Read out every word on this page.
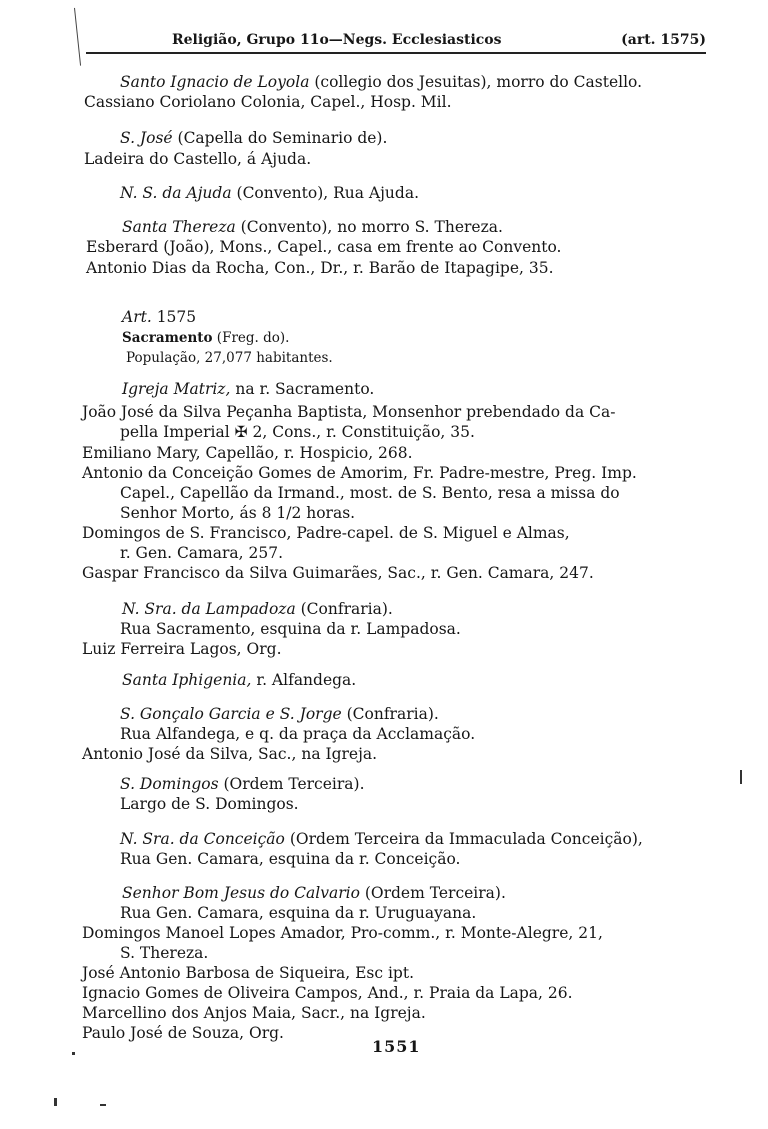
Religião, Grupo 11o—Negs. Ecclesiasticos	(art. 1575)
Santo Ignacio de Loyola (collegio dos Jesuitas), morro do Castello.
Cassiano Coriolano Colonia, Capel., Hosp. Mil.
S. José (Capella do Seminario de).
Ladeira do Castello, á Ajuda.
N. S. da Ajuda (Convento), Rua Ajuda.
Santa Thereza (Convento), no morro S. Thereza.
Esberard (João), Mons., Capel., casa em frente ao Convento.
Antonio Dias da Rocha, Con., Dr., r. Barão de Itapagipe, 35.
Art. 1575
Sacramento (Freg. do).
População, 27,077 habitantes.
Igreja Matriz, na r. Sacramento.
João José da Silva Peçanha Baptista, Monsenhor prebendado da Ca-
pella Imperial ✠ 2, Cons., r. Constituição, 35.
Emiliano Mary, Capellão, r. Hospicio, 268.
Antonio da Conceição Gomes de Amorim, Fr. Padre-mestre, Preg. Imp.
Capel., Capellão da Irmand., most. de S. Bento, resa a missa do
Senhor Morto, ás 8 1/2 horas.
Domingos de S. Francisco, Padre-capel. de S. Miguel e Almas,
r. Gen. Camara, 257.
Gaspar Francisco da Silva Guimarães, Sac., r. Gen. Camara, 247.
N. Sra. da Lampadoza (Confraria).
Rua Sacramento, esquina da r. Lampadosa.
Luiz Ferreira Lagos, Org.
Santa Iphigenia, r. Alfandega.
S. Gonçalo Garcia e S. Jorge (Confraria).
Rua Alfandega, e q. da praça da Acclamação.
Antonio José da Silva, Sac., na Igreja.
S. Domingos (Ordem Terceira).
Largo de S. Domingos.
N. Sra. da Conceição (Ordem Terceira da Immaculada Conceição),
Rua Gen. Camara, esquina da r. Conceição.
Senhor Bom Jesus do Calvario (Ordem Terceira).
Rua Gen. Camara, esquina da r. Uruguayana.
Domingos Manoel Lopes Amador, Pro-comm., r. Monte-Alegre, 21,
S. Thereza.
José Antonio Barbosa de Siqueira, Esc ipt.
Ignacio Gomes de Oliveira Campos, And., r. Praia da Lapa, 26.
Marcellino dos Anjos Maia, Sacr., na Igreja.
Paulo José de Souza, Org.
1551
